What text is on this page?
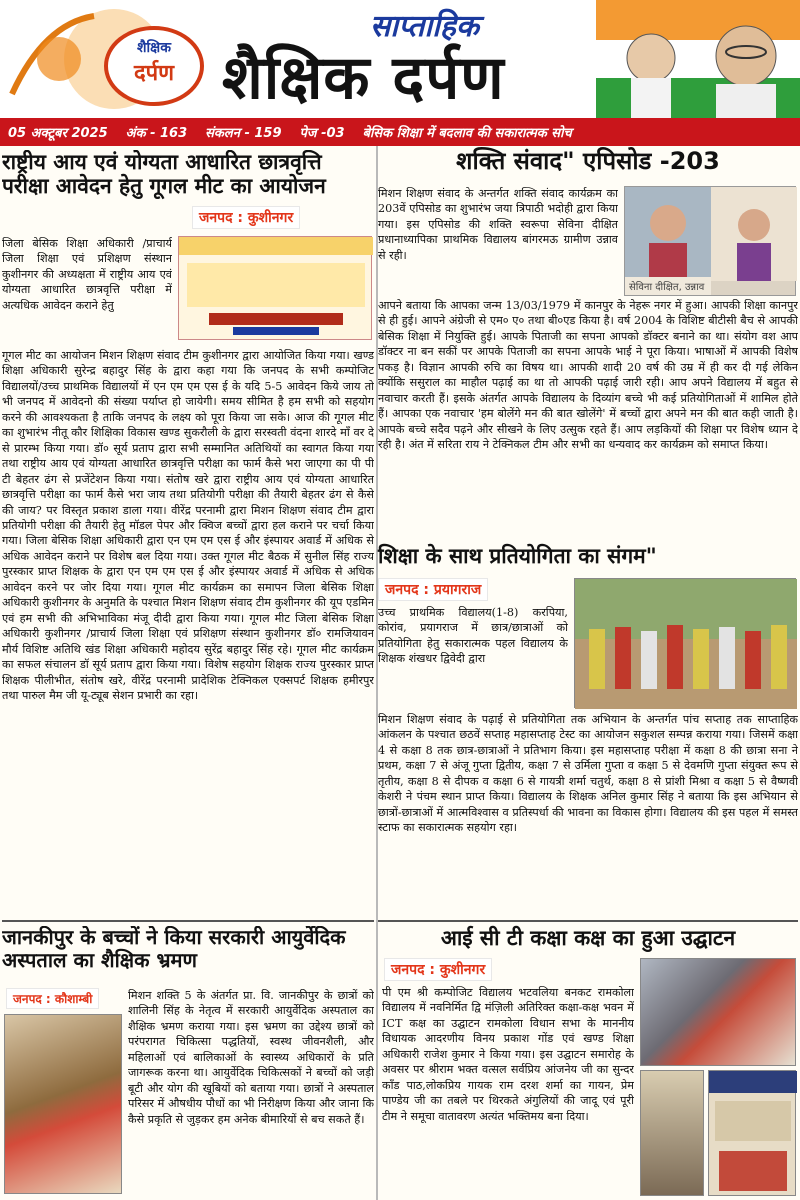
शैक्षिक
दर्पण
साप्ताहिक
शैक्षिक दर्पण
05 अक्टूबर 2025 अंक - 163 संकलन - 159 पेज -03 बेसिक शिक्षा में बदलाव की सकारात्मक सोच
राष्ट्रीय आय एवं योग्यता आधारित छात्रवृत्ति परीक्षा आवेदन हेतु गूगल मीट का आयोजन
जनपद : कुशीनगर
जिला बेसिक शिक्षा अधिकारी /प्राचार्य जिला शिक्षा एवं प्रशिक्षण संस्थान कुशीनगर की अध्यक्षता में राष्ट्रीय आय एवं योग्यता आधारित छात्रवृत्ति परीक्षा में अत्यधिक आवेदन कराने हेतु
गूगल मीट का आयोजन मिशन शिक्षण संवाद टीम कुशीनगर द्वारा आयोजित किया गया। खण्ड शिक्षा अधिकारी सुरेन्द्र बहादुर सिंह के द्वारा कहा गया कि जनपद के सभी कम्पोजिट विद्यालयों/उच्च प्राथमिक विद्यालयों में एन एम एम एस ई के यदि 5-5 आवेदन किये जाय तो भी जनपद में आवेदनो की संख्या पर्याप्त हो जायेगी। समय सीमित है हम सभी को सहयोग करने की आवश्यकता है ताकि जनपद के लक्ष्य को पूरा किया जा सके। आज की गूगल मीट का शुभारंभ नीतू कौर शिक्षिका विकास खण्ड सुकरौली के द्वारा सरस्वती वंदना शारदे माँ वर दे से प्रारम्भ किया गया। डॉ० सूर्य प्रताप द्वारा सभी सम्मानित अतिथियों का स्वागत किया गया तथा राष्ट्रीय आय एवं योग्यता आधारित छात्रवृत्ति परीक्षा का फार्म कैसे भरा जाएगा का पी पी टी बेहतर ढंग से प्रजेंटेशन किया गया। संतोष खरे द्वारा राष्ट्रीय आय एवं योग्यता आधारित छात्रवृत्ति परीक्षा का फार्म कैसे भरा जाय तथा प्रतियोगी परीक्षा की तैयारी बेहतर ढंग से कैसे की जाय? पर विस्तृत प्रकाश डाला गया। वीरेंद्र परनामी द्वारा मिशन शिक्षण संवाद टीम द्वारा प्रतियोगी परीक्षा की तैयारी हेतु मॉडल पेपर और क्विज बच्चों द्वारा हल कराने पर चर्चा किया गया। जिला बेसिक शिक्षा अधिकारी द्वारा एन एम एम एस ई और इंस्पायर अवार्ड में अधिक से अधिक आवेदन कराने पर विशेष बल दिया गया। उक्त गूगल मीट बैठक में सुनील सिंह राज्य पुरस्कार प्राप्त शिक्षक के द्वारा एन एम एम एस ई और इंस्पायर अवार्ड में अधिक से अधिक आवेदन करने पर जोर दिया गया। गूगल मीट कार्यक्रम का समापन जिला बेसिक शिक्षा अधिकारी कुशीनगर के अनुमति के पश्चात मिशन शिक्षण संवाद टीम कुशीनगर की यूप एडमिन एवं हम सभी की अभिभाविका मंजू दीदी द्वारा किया गया। गूगल मीट जिला बेसिक शिक्षा अधिकारी कुशीनगर /प्राचार्य जिला शिक्षा एवं प्रशिक्षण संस्थान कुशीनगर डॉ० रामजियावन मौर्य विशिष्ट अतिथि खंड शिक्षा अधिकारी महोदय सुरेंद्र बहादुर सिंह रहे। गूगल मीट कार्यक्रम का सफल संचालन डॉ सूर्य प्रताप द्वारा किया गया। विशेष सहयोग शिक्षक राज्य पुरस्कार प्राप्त शिक्षक पीलीभीत, संतोष खरे, वीरेंद्र परनामी प्रादेशिक टेक्निकल एक्सपर्ट शिक्षक हमीरपुर तथा पारुल मैम जी यू-ट्यूब सेशन प्रभारी का रहा।
जानकीपुर के बच्चों ने किया सरकारी आयुर्वेदिक अस्पताल का शैक्षिक भ्रमण
जनपद : कौशाम्बी	मिशन शक्ति 5 के अंतर्गत प्रा. वि. जानकीपुर के छात्रों को शालिनी सिंह के नेतृत्व में सरकारी आयुर्वेदिक अस्पताल का शैक्षिक भ्रमण कराया गया। इस भ्रमण का उद्देश्य छात्रों को परंपरागत चिकित्सा पद्धतियों, स्वस्थ जीवनशैली, और महिलाओं एवं बालिकाओं के स्वास्थ्य अधिकारों के प्रति जागरूक करना था। आयुर्वेदिक चिकित्सकों ने बच्चों को जड़ी बूटी और योग की खूबियों को बताया गया। छात्रों ने अस्पताल परिसर में औषधीय पौधों का भी निरीक्षण किया और जाना कि कैसे प्रकृति से जुड़कर हम अनेक बीमारियों से बच सकते हैं।
शक्ति संवाद" एपिसोड -203
मिशन शिक्षण संवाद के अन्तर्गत शक्ति संवाद कार्यक्रम का 203वें एपिसोड का शुभारंभ जया त्रिपाठी भदोही द्वारा किया गया। इस एपिसोड की शक्ति स्वरूपा सेविना दीक्षित प्रधानाध्यापिका प्राथमिक विद्यालय बांगरमऊ ग्रामीण उन्नाव से रही।
सेविना दीक्षित, उन्नाव
आपने बताया कि आपका जन्म 13/03/1979 में कानपुर के नेहरू नगर में हुआ। आपकी शिक्षा कानपुर से ही हुई। आपने अंग्रेजी से एम० ए० तथा बी०एड किया है। वर्ष 2004 के विशिष्ट बीटीसी बैच से आपकी बेसिक शिक्षा में नियुक्ति हुई। आपके पिताजी का सपना आपको डॉक्टर बनाने का था। संयोग वश आप डॉक्टर ना बन सकीं पर आपके पिताजी का सपना आपके भाई ने पूरा किया। भाषाओं में आपकी विशेष पकड़ है। विज्ञान आपकी रुचि का विषय था। आपकी शादी 20 वर्ष की उम्र में ही कर दी गई लेकिन क्योंकि ससुराल का माहौल पढ़ाई का था तो आपकी पढ़ाई जारी रही। आप अपने विद्यालय में बहुत से नवाचार करती हैं। इसके अंतर्गत आपके विद्यालय के दिव्यांग बच्चे भी कई प्रतियोगिताओं में शामिल होते हैं। आपका एक नवाचार 'हम बोलेंगे मन की बात खोलेंगे' में बच्चों द्वारा अपने मन की बात कही जाती है। आपके बच्चे सदैव पढ़ने और सीखने के लिए उत्सुक रहते हैं। आप लड़कियों की शिक्षा पर विशेष ध्यान दे रही है। अंत में सरिता राय ने टेक्निकल टीम और सभी का धन्यवाद कर कार्यक्रम को समाप्त किया।
शिक्षा के साथ प्रतियोगिता का संगम"
जनपद : प्रयागराज
उच्च प्राथमिक विद्यालय(1-8) करपिया, कोरांव, प्रयागराज में छात्र/छात्राओं को प्रतियोगिता हेतु सकारात्मक पहल विद्यालय के शिक्षक शंखधर द्विवेदी द्वारा
मिशन शिक्षण संवाद के पढ़ाई से प्रतियोगिता तक अभियान के अन्तर्गत पांच सप्ताह तक साप्ताहिक आंकलन के पश्चात छठवें सप्ताह महासप्ताह टेस्ट का आयोजन सकुशल सम्पन्न कराया गया। जिसमें कक्षा 4 से कक्षा 8 तक छात्र-छात्राओं ने प्रतिभाग किया। इस महासप्ताह परीक्षा में कक्षा 8 की छात्रा सना ने प्रथम, कक्षा 7 से अंजू गुप्ता द्वितीय, कक्षा 7 से उर्मिला गुप्ता व कक्षा 5 से देवमणि गुप्ता संयुक्त रूप से तृतीय, कक्षा 8 से दीपक व कक्षा 6 से गायत्री शर्मा चतुर्थ, कक्षा 8 से प्रांशी मिश्रा व कक्षा 5 से वैष्णवी केशरी ने पंचम स्थान प्राप्त किया। विद्यालय के शिक्षक अनिल कुमार सिंह ने बताया कि इस अभियान से छात्रों-छात्राओं में आत्मविश्वास व प्रतिस्पर्धा की भावना का विकास होगा। विद्यालय की इस पहल में समस्त स्टाफ का सकारात्मक सहयोग रहा।
आई सी टी कक्षा कक्ष का हुआ उद्घाटन
जनपद : कुशीनगर
पी एम श्री कम्पोजिट विद्यालय भटवलिया बनकट रामकोला विद्यालय में नवनिर्मित द्वि मंज़िली अतिरिक्त कक्षा-कक्ष भवन में ICT कक्ष का उद्घाटन रामकोला विधान सभा के माननीय विधायक आदरणीय विनय प्रकाश गोंड एवं खण्ड शिक्षा अधिकारी राजेश कुमार ने किया गया। इस उद्घाटन समारोह के अवसर पर श्रीराम भक्त वत्सल सर्वप्रिय आंजनेय जी का सुन्दर काँड पाठ,लोकप्रिय गायक राम दरश शर्मा का गायन, प्रेम पाण्डेय जी का तबले पर थिरकते अंगुलियों की जादू एवं पूरी टीम ने समूचा वातावरण अत्यंत भक्तिमय बना दिया।
